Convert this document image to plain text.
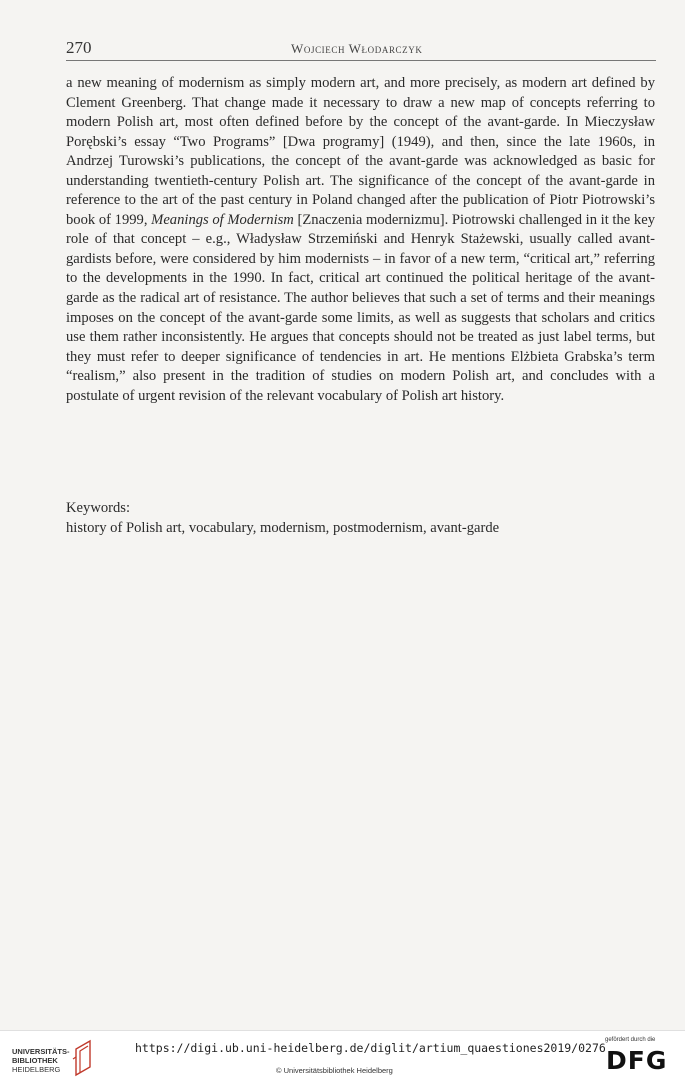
270	Wojciech Włodarczyk

a new meaning of modernism as simply modern art, and more precisely, as modern art defined by Clement Greenberg. That change made it necessary to draw a new map of concepts referring to modern Polish art, most often defined before by the concept of the avant-garde. In Mieczysław Porębski’s essay “Two Programs” [Dwa programy] (1949), and then, since the late 1960s, in Andrzej Turowski’s publications, the concept of the avant-garde was acknowledged as basic for understanding twentieth-century Polish art. The significance of the concept of the avant-garde in reference to the art of the past century in Poland changed after the publication of Piotr Piotrowski’s book of 1999, Meanings of Modernism [Znaczenia modernizmu]. Piotrowski challenged in it the key role of that concept – e.g., Władysław Strzemiński and Henryk Stażewski, usually called avant-gardists before, were considered by him modernists – in favor of a new term, “critical art,” referring to the developments in the 1990. In fact, critical art continued the political heritage of the avant-garde as the radical art of resistance. The author believes that such a set of terms and their meanings imposes on the concept of the avant-garde some limits, as well as suggests that scholars and critics use them rather inconsistently. He argues that concepts should not be treated as just label terms, but they must refer to deeper significance of tendencies in art. He mentions Elżbieta Grabska’s term “realism,” also present in the tradition of studies on modern Polish art, and concludes with a postulate of urgent revision of the relevant vocabulary of Polish art history.

Keywords:
history of Polish art, vocabulary, modernism, postmodernism, avant-garde
UNIVERSITÄTS-
BIBLIOTHEK
HEIDELBERG
https://digi.ub.uni-heidelberg.de/diglit/artium_quaestiones2019/0276
© Universitätsbibliothek Heidelberg
gefördert durch die
DFG
